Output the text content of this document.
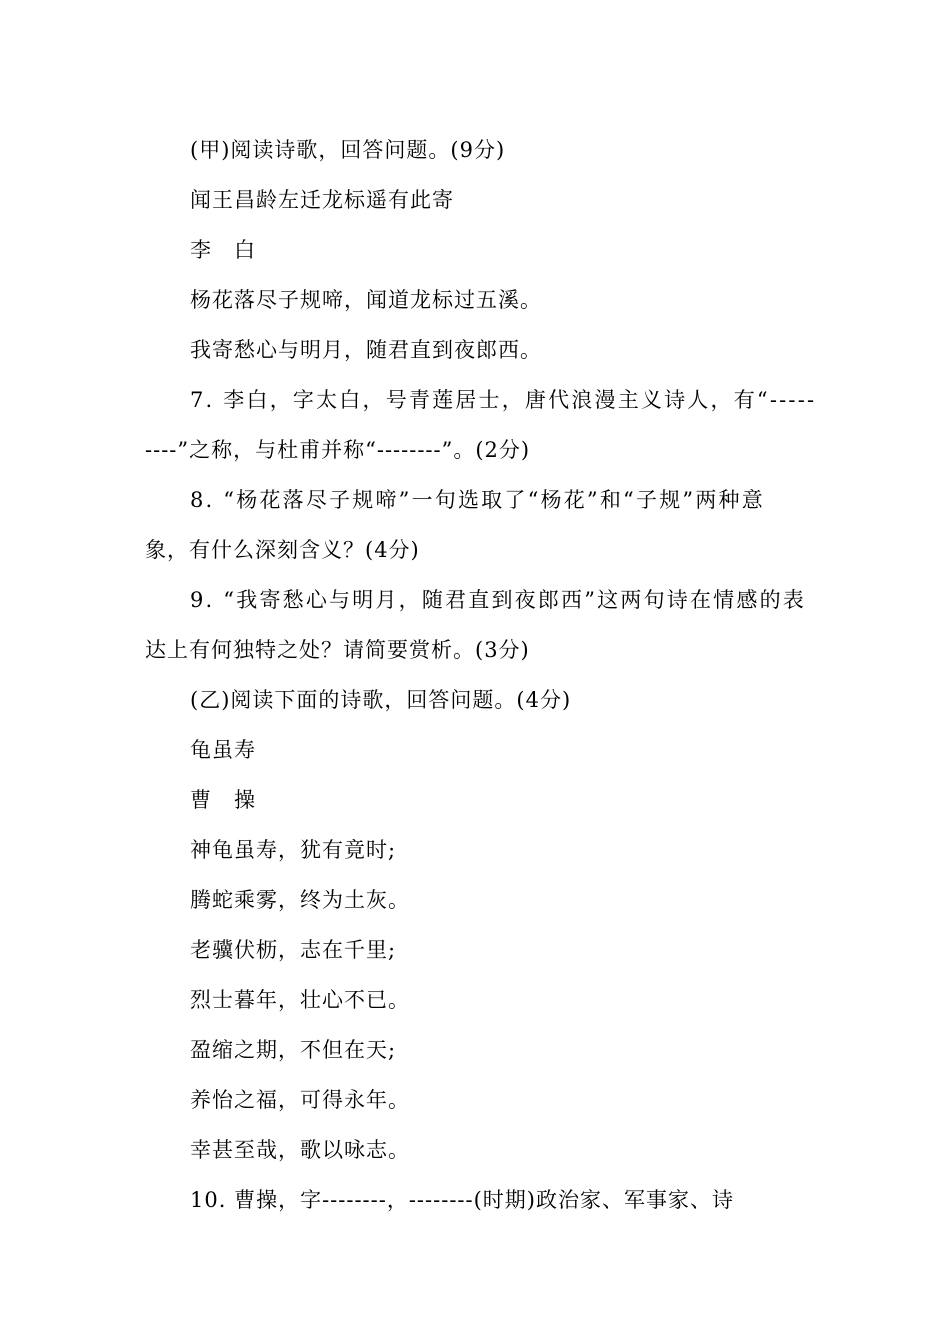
(甲)阅读诗歌，回答问题。(9分)
闻王昌龄左迁龙标遥有此寄
李　白
杨花落尽子规啼，闻道龙标过五溪。
我寄愁心与明月，随君直到夜郎西。
7. 李白，字太白，号青莲居士，唐代浪漫主义诗人，有“-----
----”之称，与杜甫并称“--------”。(2分)
8. “杨花落尽子规啼”一句选取了“杨花”和“子规”两种意
象，有什么深刻含义？(4分)
9. “我寄愁心与明月，随君直到夜郎西”这两句诗在情感的表
达上有何独特之处？请简要赏析。(3分)
(乙)阅读下面的诗歌，回答问题。(4分)
龟虽寿
曹　操
神龟虽寿，犹有竟时;
腾蛇乘雾，终为土灰。
老骥伏枥，志在千里;
烈士暮年，壮心不已。
盈缩之期，不但在天;
养怡之福，可得永年。
幸甚至哉，歌以咏志。
10. 曹操，字--------，--------(时期)政治家、军事家、诗
